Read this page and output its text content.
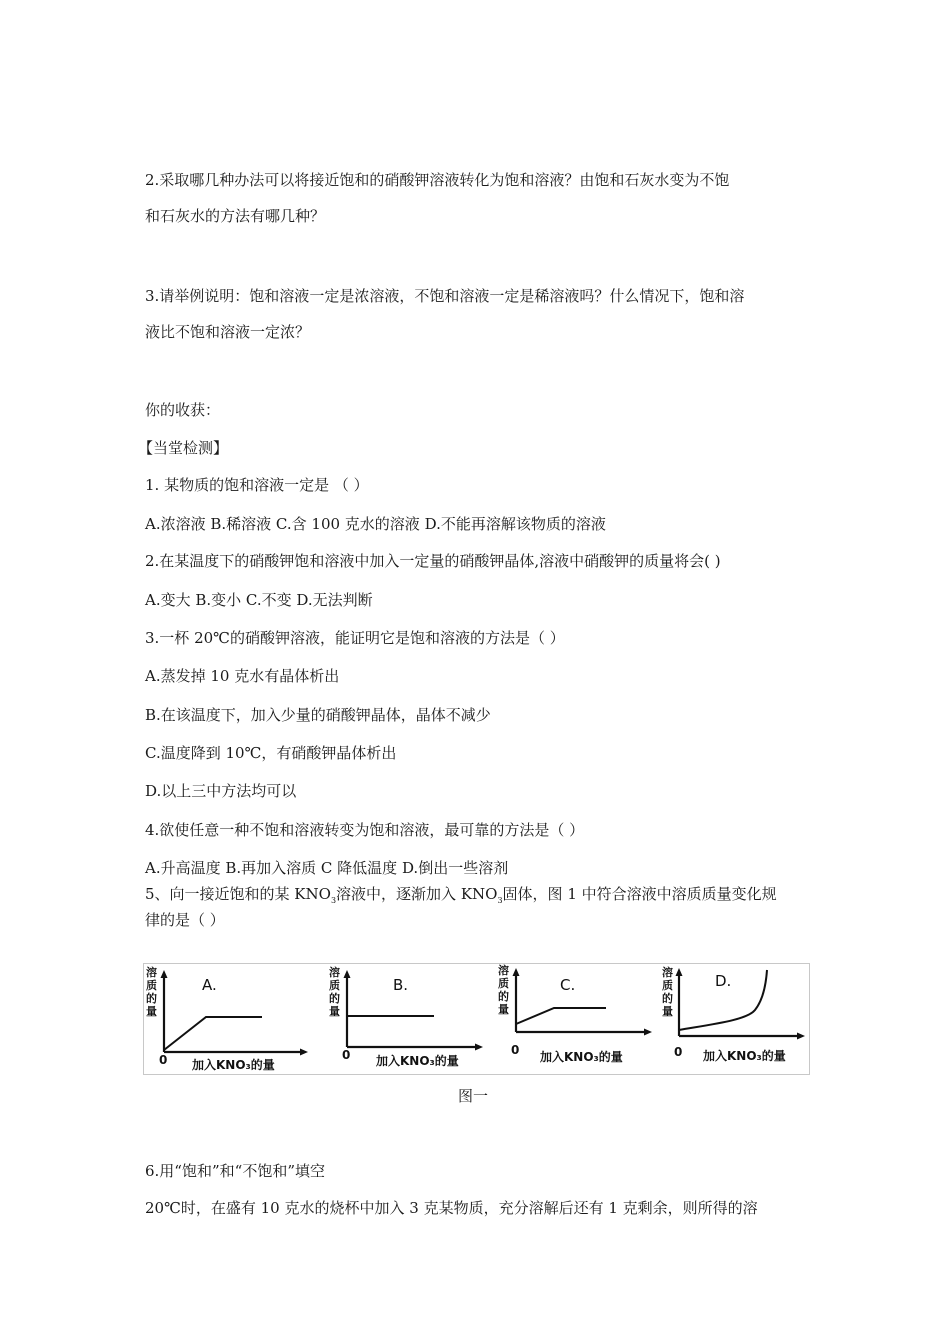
2.采取哪几种办法可以将接近饱和的硝酸钾溶液转化为饱和溶液？由饱和石灰水变为不饱
和石灰水的方法有哪几种？
3.请举例说明：饱和溶液一定是浓溶液，不饱和溶液一定是稀溶液吗？什么情况下，饱和溶
液比不饱和溶液一定浓？
你的收获：
【当堂检测】
1. 某物质的饱和溶液一定是 （ ）
A.浓溶液 B.稀溶液 C.含 100 克水的溶液 D.不能再溶解该物质的溶液
2.在某温度下的硝酸钾饱和溶液中加入一定量的硝酸钾晶体,溶液中硝酸钾的质量将会( )
A.变大 B.变小 C.不变 D.无法判断
3.一杯 20℃的硝酸钾溶液，能证明它是饱和溶液的方法是（ ）
A.蒸发掉 10 克水有晶体析出
B.在该温度下，加入少量的硝酸钾晶体，晶体不减少
C.温度降到 10℃，有硝酸钾晶体析出
D.以上三中方法均可以
4.欲使任意一种不饱和溶液转变为饱和溶液，最可靠的方法是（ ）
A.升高温度 B.再加入溶质 C 降低温度 D.倒出一些溶剂
5、向一接近饱和的某 $KNO_3$溶液中，逐渐加入 $KNO_3$固体，图 1 中符合溶液中溶质质量变化规
律的是（ ）
溶
质
的
量
A.
0 加入KNO₃的量
溶
质
的
量
B.
0 加入KNO₃的量
溶
质
的
量
C.
0 加入KNO₃的量
溶
质
的
量
D.
0 加入KNO₃的量
图一
6.用“饱和”和“不饱和”填空
20℃时，在盛有 10 克水的烧杯中加入 3 克某物质，充分溶解后还有 1 克剩余，则所得的溶
